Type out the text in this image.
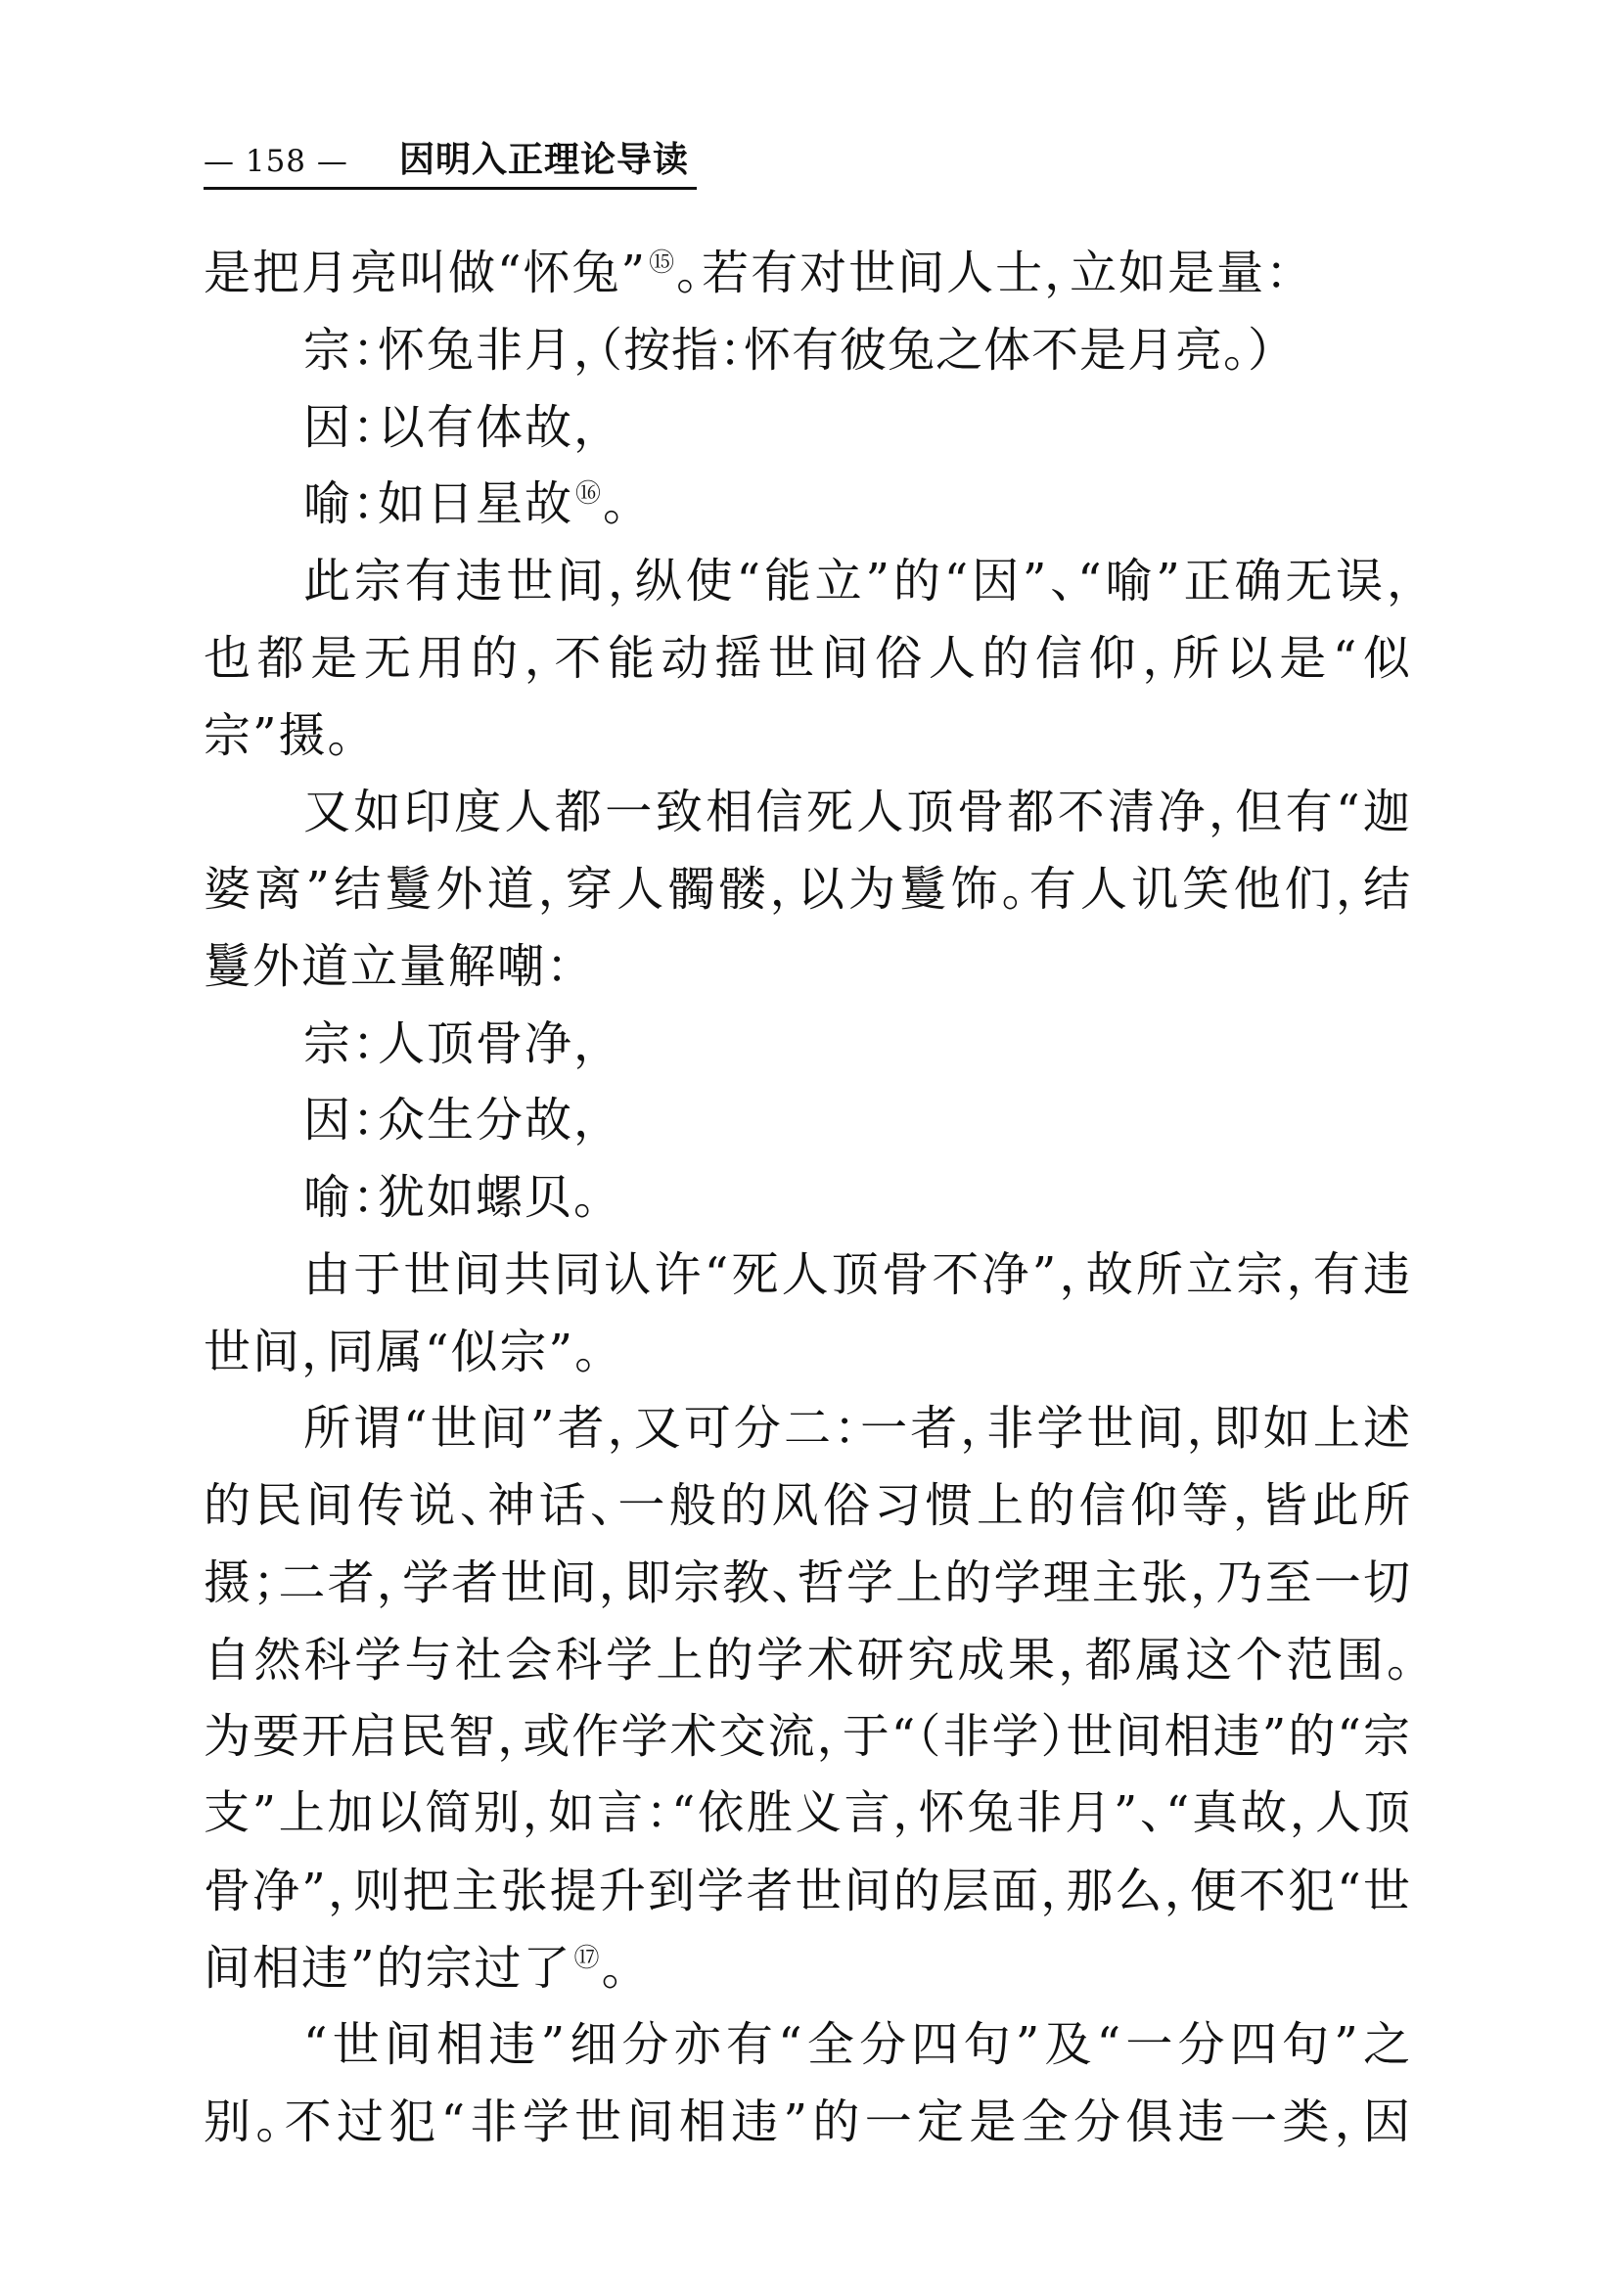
— 158 — 因明入正理论导读
是把月亮叫做“怀兔”⑮。若有对世间人士，立如是量：
宗：怀兔非月，（按指：怀有彼兔之体不是月亮。）
因：以有体故，
喻：如日星故⑯。
此宗有违世间，纵使“能立”的“因”、“喻”正确无误，
也都是无用的，不能动摇世间俗人的信仰，所以是“似
宗”摄。
又如印度人都一致相信死人顶骨都不清净，但有“迦
婆离”结鬘外道，穿人髑髅，以为鬘饰。有人讥笑他们，结
鬘外道立量解嘲：
宗：人顶骨净，
因：众生分故，
喻：犹如螺贝。
由于世间共同认许“死人顶骨不净”，故所立宗，有违
世间，同属“似宗”。
所谓“世间”者，又可分二：一者，非学世间，即如上述
的民间传说、神话、一般的风俗习惯上的信仰等，皆此所
摄；二者，学者世间，即宗教、哲学上的学理主张，乃至一切
自然科学与社会科学上的学术研究成果，都属这个范围。
为要开启民智，或作学术交流，于“（非学）世间相违”的“宗
支”上加以简别，如言：“依胜义言，怀兔非月”、“真故，人顶
骨净”，则把主张提升到学者世间的层面，那么，便不犯“世
间相违”的宗过了⑰。
“世间相违”细分亦有“全分四句”及“一分四句”之
别。不过犯“非学世间相违”的一定是全分俱违一类，因
